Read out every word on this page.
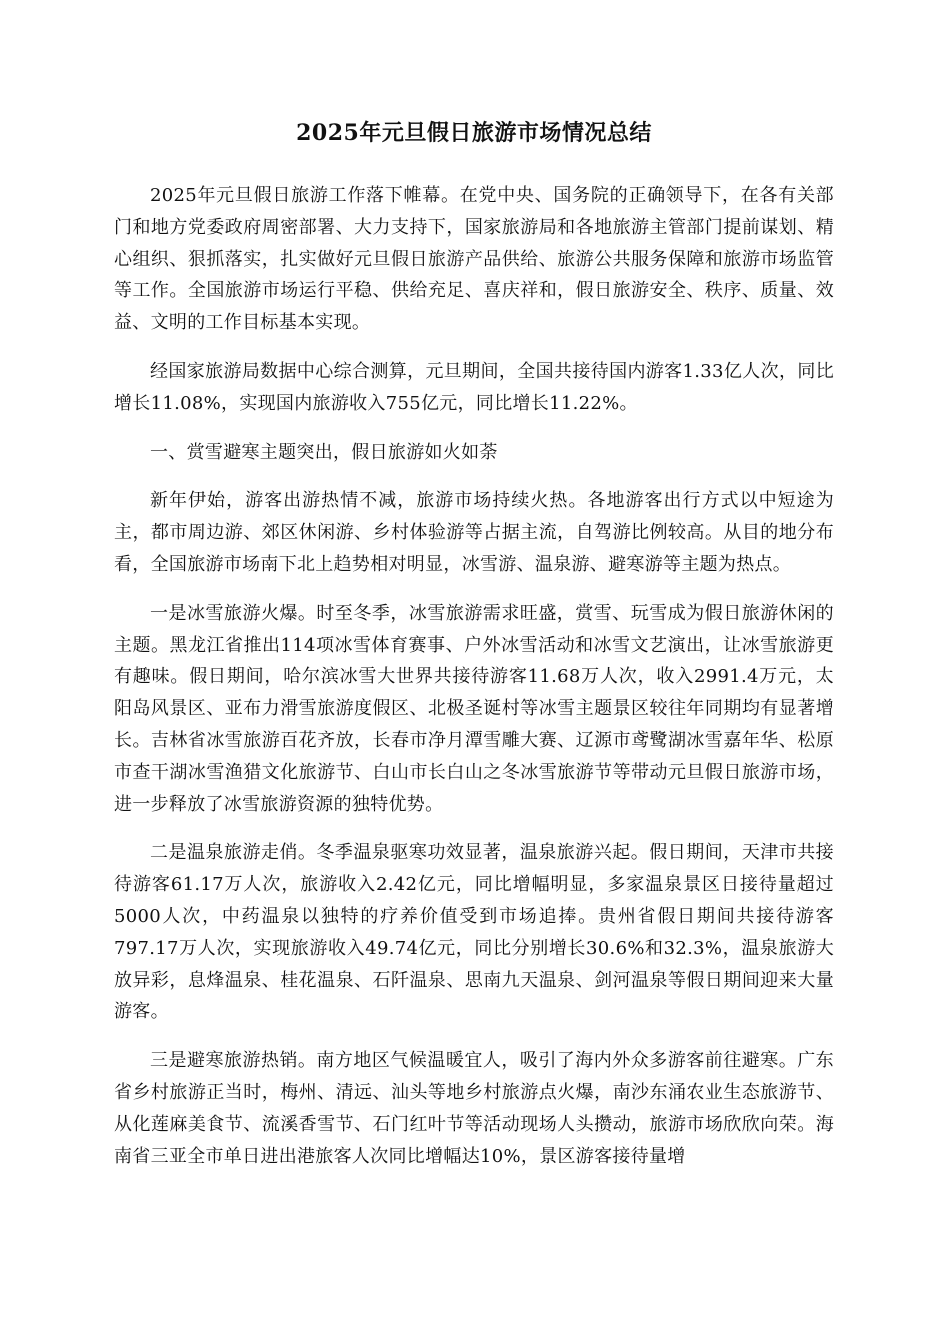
2025年元旦假日旅游市场情况总结

2025年元旦假日旅游工作落下帷幕。在党中央、国务院的正确领导下，在各有关部门和地方党委政府周密部署、大力支持下，国家旅游局和各地旅游主管部门提前谋划、精心组织、狠抓落实，扎实做好元旦假日旅游产品供给、旅游公共服务保障和旅游市场监管等工作。全国旅游市场运行平稳、供给充足、喜庆祥和，假日旅游安全、秩序、质量、效益、文明的工作目标基本实现。

经国家旅游局数据中心综合测算，元旦期间，全国共接待国内游客1.33亿人次，同比增长11.08%，实现国内旅游收入755亿元，同比增长11.22%。

一、赏雪避寒主题突出，假日旅游如火如荼

新年伊始，游客出游热情不减，旅游市场持续火热。各地游客出行方式以中短途为主，都市周边游、郊区休闲游、乡村体验游等占据主流，自驾游比例较高。从目的地分布看，全国旅游市场南下北上趋势相对明显，冰雪游、温泉游、避寒游等主题为热点。

一是冰雪旅游火爆。时至冬季，冰雪旅游需求旺盛，赏雪、玩雪成为假日旅游休闲的主题。黑龙江省推出114项冰雪体育赛事、户外冰雪活动和冰雪文艺演出，让冰雪旅游更有趣味。假日期间，哈尔滨冰雪大世界共接待游客11.68万人次，收入2991.4万元，太阳岛风景区、亚布力滑雪旅游度假区、北极圣诞村等冰雪主题景区较往年同期均有显著增长。吉林省冰雪旅游百花齐放，长春市净月潭雪雕大赛、辽源市鸢鹭湖冰雪嘉年华、松原市查干湖冰雪渔猎文化旅游节、白山市长白山之冬冰雪旅游节等带动元旦假日旅游市场，进一步释放了冰雪旅游资源的独特优势。

二是温泉旅游走俏。冬季温泉驱寒功效显著，温泉旅游兴起。假日期间，天津市共接待游客61.17万人次，旅游收入2.42亿元，同比增幅明显，多家温泉景区日接待量超过5000人次，中药温泉以独特的疗养价值受到市场追捧。贵州省假日期间共接待游客797.17万人次，实现旅游收入49.74亿元，同比分别增长30.6%和32.3%，温泉旅游大放异彩，息烽温泉、桂花温泉、石阡温泉、思南九天温泉、剑河温泉等假日期间迎来大量游客。

三是避寒旅游热销。南方地区气候温暖宜人，吸引了海内外众多游客前往避寒。广东省乡村旅游正当时，梅州、清远、汕头等地乡村旅游点火爆，南沙东涌农业生态旅游节、从化莲麻美食节、流溪香雪节、石门红叶节等活动现场人头攒动，旅游市场欣欣向荣。海南省三亚全市单日进出港旅客人次同比增幅达10%，景区游客接待量增
